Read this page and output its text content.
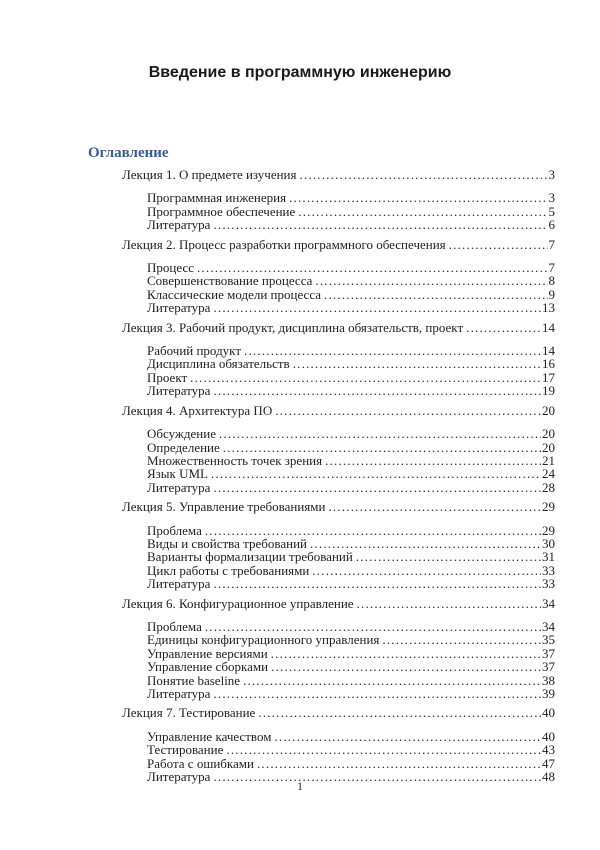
Введение в программную инженерию
Оглавление
Лекция 1. О предмете изучения .....	3
Программная инженерия .....	3
Программное обеспечение .....	5
Литература .....	6
Лекция 2. Процесс разработки программного обеспечения .....	7
Процесс .....	7
Совершенствование процесса .....	8
Классические модели процесса .....	9
Литература .....	13
Лекция 3. Рабочий продукт, дисциплина обязательств, проект .....	14
Рабочий продукт .....	14
Дисциплина обязательств .....	16
Проект .....	17
Литература .....	19
Лекция 4. Архитектура ПО .....	20
Обсуждение .....	20
Определение .....	20
Множественность точек зрения .....	21
Язык UML .....	24
Литература .....	28
Лекция 5. Управление требованиями .....	29
Проблема .....	29
Виды и свойства требований .....	30
Варианты формализации требований .....	31
Цикл работы с требованиями .....	33
Литература .....	33
Лекция 6. Конфигурационное управление .....	34
Проблема .....	34
Единицы конфигурационного управления .....	35
Управление версиями .....	37
Управление сборками .....	37
Понятие baseline .....	38
Литература .....	39
Лекция 7. Тестирование .....	40
Управление качеством .....	40
Тестирование .....	43
Работа с ошибками .....	47
Литература .....	48
1
